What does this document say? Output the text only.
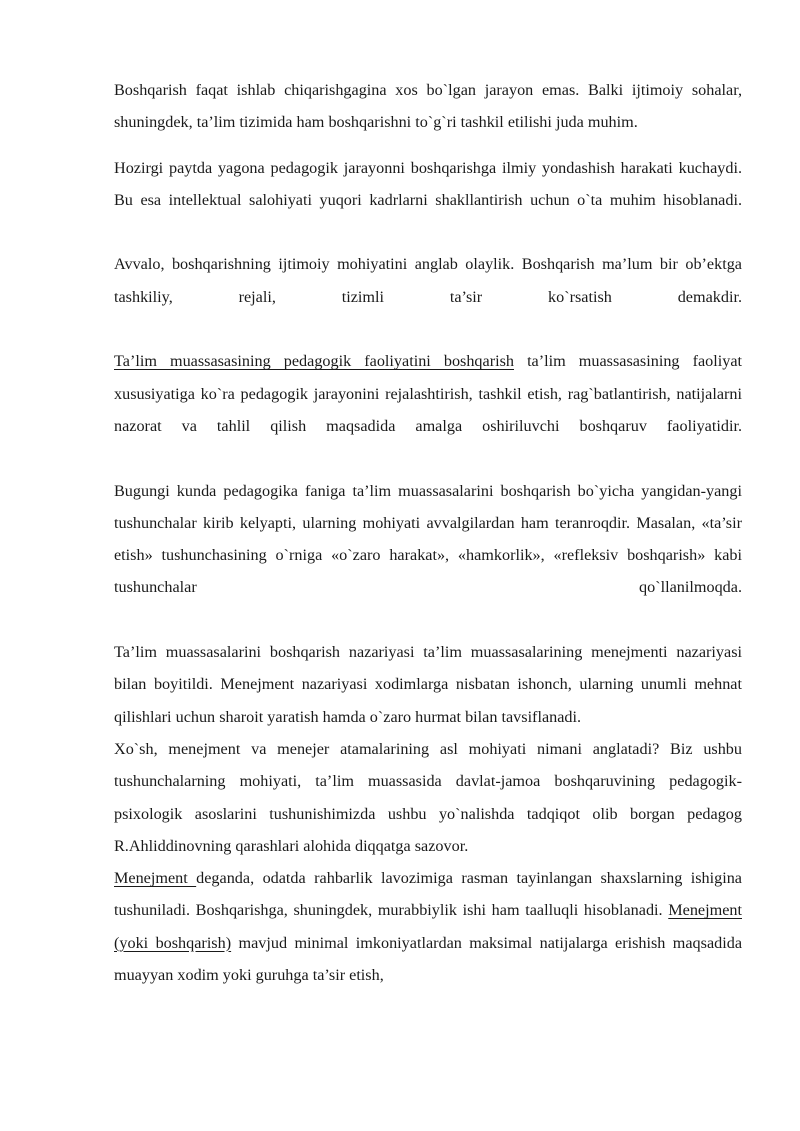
Boshqarish faqat ishlab chiqarishgagina xos bo`lgan jarayon emas. Balki ijtimoiy sohalar, shuningdek, ta’lim tizimida ham boshqarishni to`g`ri tashkil etilishi juda muhim.

Hozirgi paytda yagona pedagogik jarayonni boshqarishga ilmiy yondashish harakati kuchaydi. Bu esa intellektual salohiyati yuqori kadrlarni shakllantirish uchun o`ta muhim hisoblanadi.

Avvalo, boshqarishning ijtimoiy mohiyatini anglab olaylik. Boshqarish ma’lum bir ob’ektga tashkiliy, rejali, tizimli ta’sir ko`rsatish demakdir.

Ta’lim muassasasining pedagogik faoliyatini boshqarish ta’lim muassasasining faoliyat xususiyatiga ko`ra pedagogik jarayonini rejalashtirish, tashkil etish, rag`batlantirish, natijalarni nazorat va tahlil qilish maqsadida amalga oshiriluvchi boshqaruv faoliyatidir.

Bugungi kunda pedagogika faniga ta’lim muassasalarini boshqarish bo`yicha yangidan-yangi tushunchalar kirib kelyapti, ularning mohiyati avvalgilardan ham teranroqdir. Masalan, «ta’sir etish» tushunchasining o`rniga «o`zaro harakat», «hamkorlik», «refleksiv boshqarish» kabi tushunchalar qo`llanilmoqda.

Ta’lim muassasalarini boshqarish nazariyasi ta’lim muassasalarining menejmenti nazariyasi bilan boyitildi. Menejment nazariyasi xodimlarga nisbatan ishonch, ularning unumli mehnat qilishlari uchun sharoit yaratish hamda o`zaro hurmat bilan tavsiflanadi.

Xo`sh, menejment va menejer atamalarining asl mohiyati nimani anglatadi? Biz ushbu tushunchalarning mohiyati, ta’lim muassasida davlat-jamoa boshqaruvining pedagogik-psixologik asoslarini tushunishimizda ushbu yo`nalishda tadqiqot olib borgan pedagog R.Ahliddinovning qarashlari alohida diqqatga sazovor.

Menejment deganda, odatda rahbarlik lavozimiga rasman tayinlangan shaxslarning ishigina tushuniladi. Boshqarishga, shuningdek, murabbiylik ishi ham taalluqli hisoblanadi. Menejment (yoki boshqarish) mavjud minimal imkoniyatlardan maksimal natijalarga erishish maqsadida muayyan xodim yoki guruhga ta’sir etish,
